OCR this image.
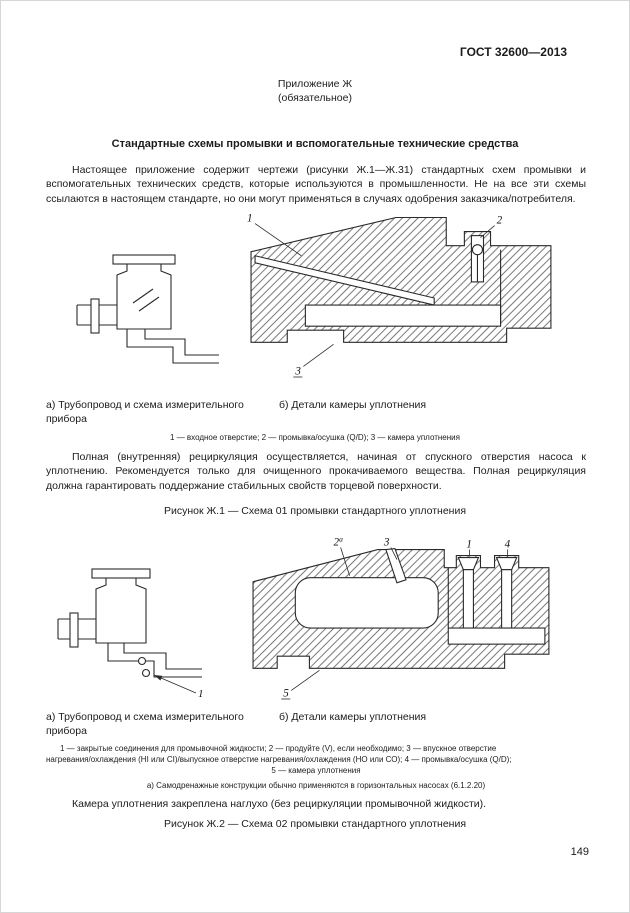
ГОСТ 32600—2013
Приложение Ж
(обязательное)
Стандартные схемы промывки и вспомогательные технические средства

Настоящее приложение содержит чертежи (рисунки Ж.1—Ж.31) стандартных схем промывки и вспомогательных технических средств, которые используются в промышленности. Не на все эти схемы ссылаются в настоящем стандарте, но они могут применяться в случаях одобрения заказчика/потребителя.

1	2
3
а) Трубопровод и схема измерительного прибора
б) Детали камеры уплотнения
1 — входное отверстие; 2 — промывка/осушка (Q/D); 3 — камера уплотнения

Полная (внутренняя) рециркуляция осуществляется, начиная от спускного отверстия насоса к уплотнению. Рекомендуется только для очищенного прокачиваемого вещества. Полная рециркуляция должна гарантировать поддержание стабильных свойств торцевой поверхности.

Рисунок Ж.1 — Схема 01 промывки стандартного уплотнения
1
$2^а$	3	1	4
5
а) Трубопровод и схема измерительного прибора
б) Детали камеры уплотнения
1 — закрытые соединения для промывочной жидкости; 2 — продуйте (V), если необходимо; 3 — впускное отверстие
нагревания/охлаждения (HI или CI)/выпускное отверстие нагревания/охлаждения (НО или СО); 4 — промывка/осушка (Q/D);
5 — камера уплотнения
а) Самодренажные конструкции обычно применяются в горизонтальных насосах (6.1.2.20)

Камера уплотнения закреплена наглухо (без рециркуляции промывочной жидкости).

Рисунок Ж.2 — Схема 02 промывки стандартного уплотнения
149
